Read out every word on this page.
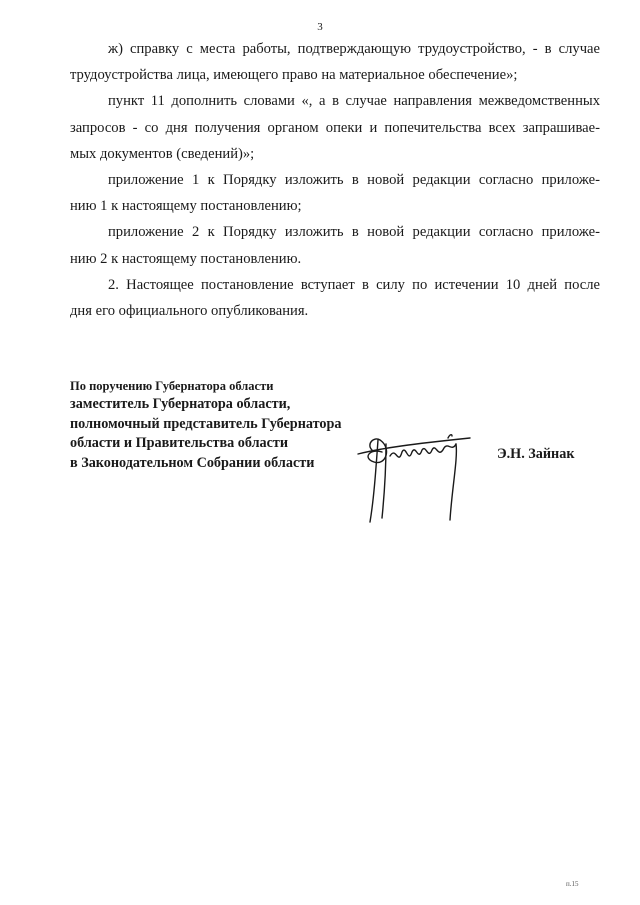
3
ж) справку с места работы, подтверждающую трудоустройство, - в случае
трудоустройства лица, имеющего право на материальное обеспечение»;
пункт 11 дополнить словами «, а в случае направления межведомственных
запросов - со дня получения органом опеки и попечительства всех запрашивае-
мых документов (сведений)»;
приложение 1 к Порядку изложить в новой редакции согласно приложе-
нию 1 к настоящему постановлению;
приложение 2 к Порядку изложить в новой редакции согласно приложе-
нию 2 к настоящему постановлению.
2. Настоящее постановление вступает в силу по истечении 10 дней после
дня его официального опубликования.
По поручению Губернатора области
заместитель Губернатора области,
полномочный представитель Губернатора
области и Правительства области
в Законодательном Собрании области
Э.Н. Зайнак
п.15
